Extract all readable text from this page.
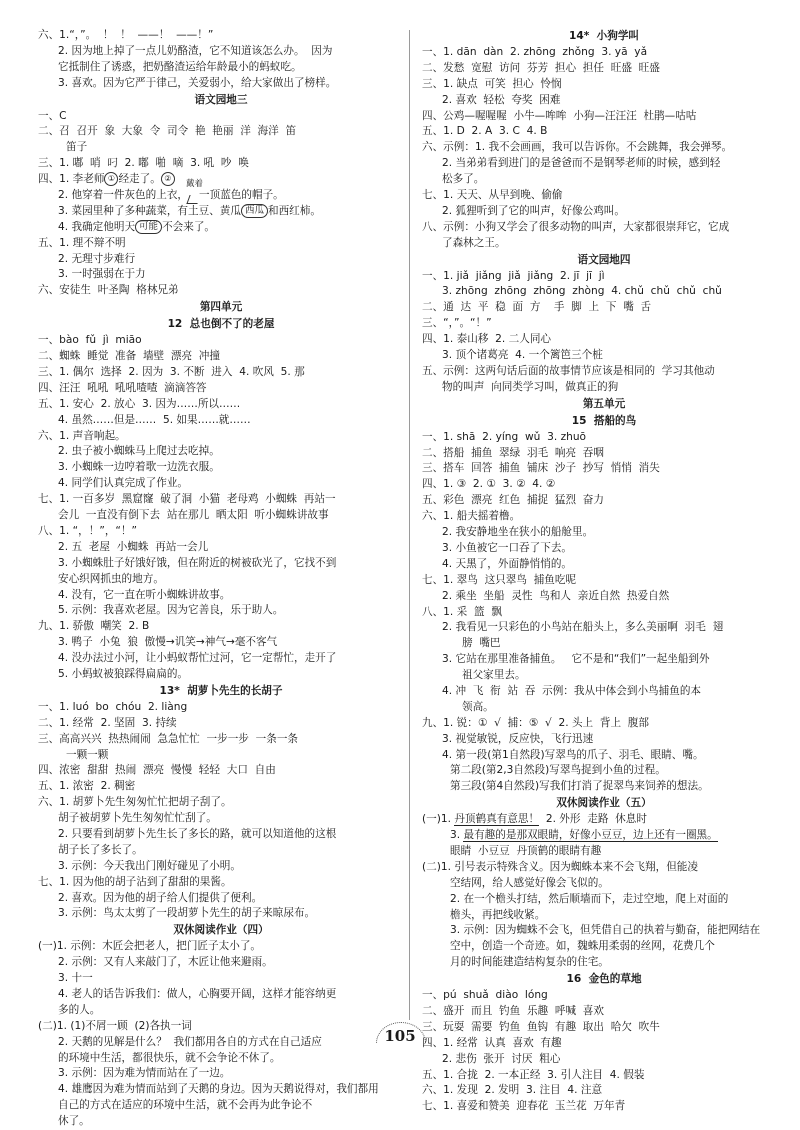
六、1.“，”。  ！  ！  ——！  ——！”
2. 因为地上掉了一点儿奶酪渣，它不知道该怎么办。  因为
它抵制住了诱惑，把奶酪渣运给年龄最小的蚂蚁吃。
3. 喜欢。因为它严于律己，关爱弱小，给大家做出了榜样。
语文园地三
一、C
二、召  召开  象  大象  令  司令  艳  艳丽  洋  海洋  笛
笛子
三、1. 嘟  哨  叼  2. 嘟  啪  嘀  3. 吼  吵  唤
四、1. 李老师 ① 经走了。 ②
2. 他穿着一件灰色的上衣，
戴着
一顶蓝色的帽子。
3. 菜园里种了多种蔬菜，有土豆、黄瓜 西瓜 和西红柿。
4. 我确定他明天 可能 不会来了。
五、1. 理不辩不明
2. 无理寸步难行
3. 一时强弱在于力
六、安徒生  叶圣陶  格林兄弟
第四单元
12  总也倒不了的老屋
一、bào  fǔ  jì  miāo
二、蜘蛛  睡觉  准备  墙壁  漂亮  冲撞
三、1. 偶尔  选择  2. 因为  3. 不断  进入  4. 吹风  5. 那
四、汪汪  吼吼  吼吼喳喳  滴滴答答
五、1. 安心  2. 放心  3. 因为……所以……
4. 虽然……但是……  5. 如果……就……
六、1. 声音响起。
2. 虫子被小蜘蛛马上爬过去吃掉。
3. 小蜘蛛一边哼着歌一边洗衣服。
4. 同学们认真完成了作业。
七、1. 一百多岁  黑窟窿  破了洞  小猫  老母鸡  小蜘蛛  再站一
会儿  一直没有倒下去  站在那儿  晒太阳  听小蜘蛛讲故事
八、1. “，！”，“！”
2. 五  老屋  小蜘蛛  再站一会儿
3. 小蜘蛛肚子好饿好饿，但在附近的树被砍光了，它找不到
安心织网抓虫的地方。
4. 没有，它一直在听小蜘蛛讲故事。
5. 示例：我喜欢老屋。因为它善良，乐于助人。
九、1. 骄傲  嘲笑  2. B
3. 鸭子  小兔  狼  傲慢→讥笑→神气→毫不客气
4. 没办法过小河，让小蚂蚁帮忙过河，它一定帮忙，走开了
5. 小蚂蚁被狼踩得扁扁的。
13*  胡萝卜先生的长胡子
一、1. luó  bo  chóu  2. liàng
二、1. 经常  2. 坚固  3. 持续
三、高高兴兴  热热闹闹  急急忙忙  一步一步  一条一条
一颗一颗
四、浓密  甜甜  热闹  漂亮  慢慢  轻轻  大口  自由
五、1. 浓密  2. 稠密
六、1. 胡萝卜先生匆匆忙忙把胡子刮了。
胡子被胡萝卜先生匆匆忙忙刮了。
2. 只要看到胡萝卜先生长了多长的路，就可以知道他的这根
胡子长了多长了。
3. 示例：今天我出门刚好碰见了小明。
七、1. 因为他的胡子沾到了甜甜的果酱。
2. 喜欢。因为他的胡子给人们提供了便利。
3. 示例：鸟太太剪了一段胡萝卜先生的胡子来晾尿布。
双休阅读作业（四）
(一)1. 示例：木匠会把老人，把门匠子太小了。
2. 示例：又有人来敲门了，木匠让他来避雨。
3. 十一
4. 老人的话告诉我们：做人，心胸要开阔，这样才能容纳更
多的人。
(二)1. (1)不屑一顾  (2)各执一词
2. 天鹅的见解是什么？  我们都用各自的方式在自己适应
的环境中生活，都很快乐，就不会争论不休了。
3. 示例：因为难为情而站在了一边。
4. 雄鹰因为难为情而站到了天鹅的身边。因为天鹅说得对，我们都用
自己的方式在适应的环境中生活，就不会再为此争论不
休了。
14*  小狗学叫
一、1. dān  dàn  2. zhōng  zhǒng  3. yā  yǎ
二、发愁  宽慰  访问  芬芳  担心  担任  旺盛  旺盛
三、1. 缺点  可笑  担心  怜悯
2. 喜欢  轻松  夸奖  困难
四、公鸡—喔喔喔  小牛—哞哞  小狗—汪汪汪  杜鹃—咕咕
五、1. D  2. A  3. C  4. B
六、示例：1. 我不会画画，我可以告诉你。不会跳舞，我会弹琴。
2. 当弟弟看到进门的是爸爸而不是钢琴老师的时候，感到轻
松多了。
七、1. 天天、从早到晚、偷偷
2. 狐狸听到了它的叫声，好像公鸡叫。
八、示例：小狗又学会了很多动物的叫声，大家都很崇拜它，它成
了森林之王。
语文园地四
一、1. jiǎ  jiǎng  jiǎ  jiǎng  2. jī  jī  jì
3. zhōng  zhōng  zhōng  zhòng  4. chǔ  chǔ  chǔ  chǔ
二、通  达  平  稳  面  方    手  脚  上  下  嘴  舌
三、“，”。“！”
四、1. 泰山移  2. 二人同心
3. 顶个诸葛亮  4. 一个篱笆三个桩
五、示例：这两句话后面的故事情节应该是相同的  学习其他动
物的叫声  向同类学习叫，做真正的狗
第五单元
15  搭船的鸟
一、1. shā  2. yíng  wǔ  3. zhuō
二、搭船  捕鱼  翠绿  羽毛  响亮  吞咽
三、搭车  回答  捕鱼  铺床  沙子  抄写  悄悄  消失
四、1. ③  2. ①  3. ②  4. ②
五、彩色  漂亮  红色  捕捉  猛烈  奋力
六、1. 船夫摇着橹。
2. 我安静地坐在狭小的船舱里。
3. 小鱼被它一口吞了下去。
4. 天黑了，外面静悄悄的。
七、1. 翠鸟  这只翠鸟  捕鱼吃呢
2. 乘坐  坐船  灵性  鸟和人  亲近自然  热爱自然
八、1. 采  篮  飘
2. 我看见一只彩色的小鸟站在船头上，多么美丽啊  羽毛  翅
膀  嘴巴
3. 它站在那里准备捕鱼。   它不是和“我们”一起坐船到外
祖父家里去。
4. 冲  飞  衔  站  吞  示例：我从中体会到小鸟捕鱼的本
领高。
九、1. 锐：①  √  捕：⑤  √  2. 头上  背上  腹部
3. 视觉敏锐，反应快，飞行迅速
4. 第一段(第1自然段)写翠鸟的爪子、羽毛、眼睛、嘴。
第二段(第2,3自然段)写翠鸟捉到小鱼的过程。
第三段(第4自然段)写我们打消了捉翠鸟来饲养的想法。
双休阅读作业（五）
(一)1. 丹顶鹤真有意思！  2. 外形  走路  休息时
3. 最有趣的是那双眼睛，好像小豆豆，边上还有一圈黑。
眼睛  小豆豆  丹顶鹤的眼睛有趣
(二)1. 引号表示特殊含义。因为蜘蛛本来不会飞翔，但能凌
空结网，给人感觉好像会飞似的。
2. 在一个檐头打结，然后顺墙而下，走过空地，爬上对面的
檐头，再把线收紧。
3. 示例：因为蜘蛛不会飞，但凭借自己的执着与勤奋，能把网结在
空中，创造一个奇迹。如，魏蛛用柔弱的丝网，花费几个
月的时间能建造结构复杂的住宅。
16  金色的草地
一、pú  shuǎ  diào  lóng
二、盛开  而且  钓鱼  乐趣  呼喊  喜欢
三、玩耍  需要  钓鱼  鱼钩  有趣  取出  哈欠  吹牛
四、1. 经常  认真  喜欢  有趣
2. 悲伤  张开  讨厌  粗心
五、1. 合拢  2. 一本正经  3. 引人注目  4. 假装
六、1. 发现  2. 发明  3. 注目  4. 注意
七、1. 喜爱和赞美  迎春花  玉兰花  万年青
105
